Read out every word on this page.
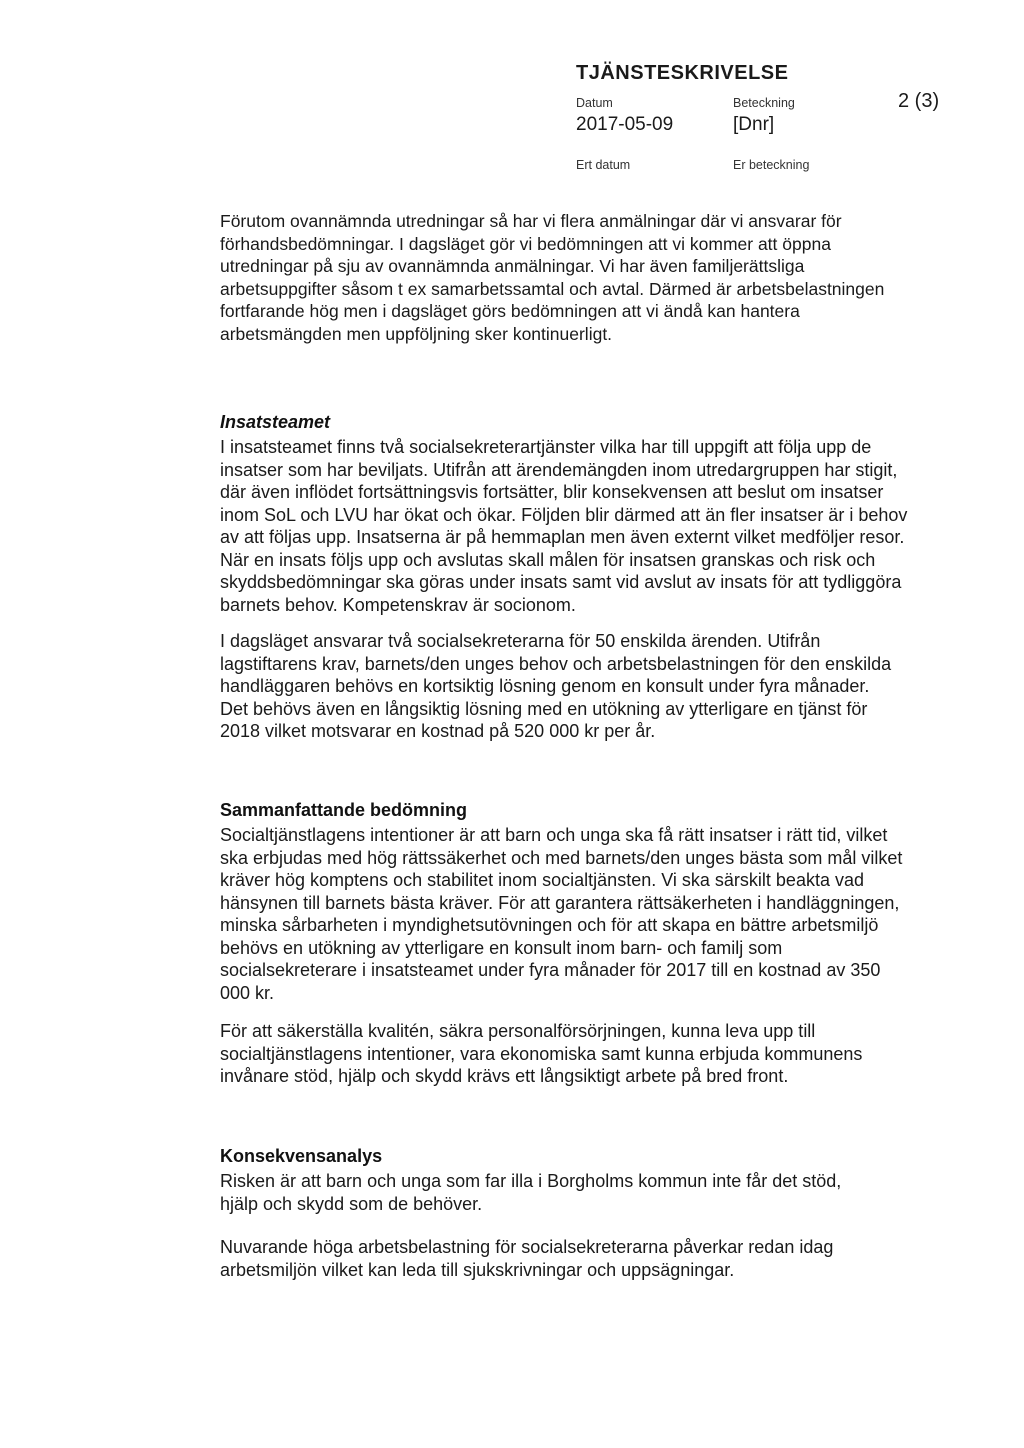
TJÄNSTESKRIVELSE
Datum
2017-05-09
Beteckning
[Dnr]
2 (3)
Ert datum	Er beteckning

Förutom ovannämnda utredningar så har vi flera anmälningar där vi ansvarar för förhandsbedömningar. I dagsläget gör vi bedömningen att vi kommer att öppna utredningar på sju av ovannämnda anmälningar. Vi har även familjerättsliga arbetsuppgifter såsom t ex samarbetssamtal och avtal. Därmed är arbetsbelastningen fortfarande hög men i dagsläget görs bedömningen att vi ändå kan hantera arbetsmängden men uppföljning sker kontinuerligt.

Insatsteamet

I insatsteamet finns två socialsekreterartjänster vilka har till uppgift att följa upp de insatser som har beviljats. Utifrån att ärendemängden inom utredargruppen har stigit, där även inflödet fortsättningsvis fortsätter, blir konsekvensen att beslut om insatser inom SoL och LVU har ökat och ökar. Följden blir därmed att än fler insatser är i behov av att följas upp. Insatserna är på hemmaplan men även externt vilket medföljer resor. När en insats följs upp och avslutas skall målen för insatsen granskas och risk och skyddsbedömningar ska göras under insats samt vid avslut av insats för att tydliggöra barnets behov. Kompetenskrav är socionom.

I dagsläget ansvarar två socialsekreterarna för 50 enskilda ärenden. Utifrån lagstiftarens krav, barnets/den unges behov och arbetsbelastningen för den enskilda handläggaren behövs en kortsiktig lösning genom en konsult under fyra månader. Det behövs även en långsiktig lösning med en utökning av ytterligare en tjänst för 2018 vilket motsvarar en kostnad på 520 000 kr per år.

Sammanfattande bedömning

Socialtjänstlagens intentioner är att barn och unga ska få rätt insatser i rätt tid, vilket ska erbjudas med hög rättssäkerhet och med barnets/den unges bästa som mål vilket kräver hög komptens och stabilitet inom socialtjänsten. Vi ska särskilt beakta vad hänsynen till barnets bästa kräver. För att garantera rättsäkerheten i handläggningen, minska sårbarheten i myndighetsutövningen och för att skapa en bättre arbetsmiljö behövs en utökning av ytterligare en konsult inom barn- och familj som socialsekreterare i insatsteamet under fyra månader för 2017 till en kostnad av 350 000 kr.

För att säkerställa kvalitén, säkra personalförsörjningen, kunna leva upp till socialtjänstlagens intentioner, vara ekonomiska samt kunna erbjuda kommunens invånare stöd, hjälp och skydd krävs ett långsiktigt arbete på bred front.

Konsekvensanalys

Risken är att barn och unga som far illa i Borgholms kommun inte får det stöd, hjälp och skydd som de behöver.

Nuvarande höga arbetsbelastning för socialsekreterarna påverkar redan idag arbetsmiljön vilket kan leda till sjukskrivningar och uppsägningar.
